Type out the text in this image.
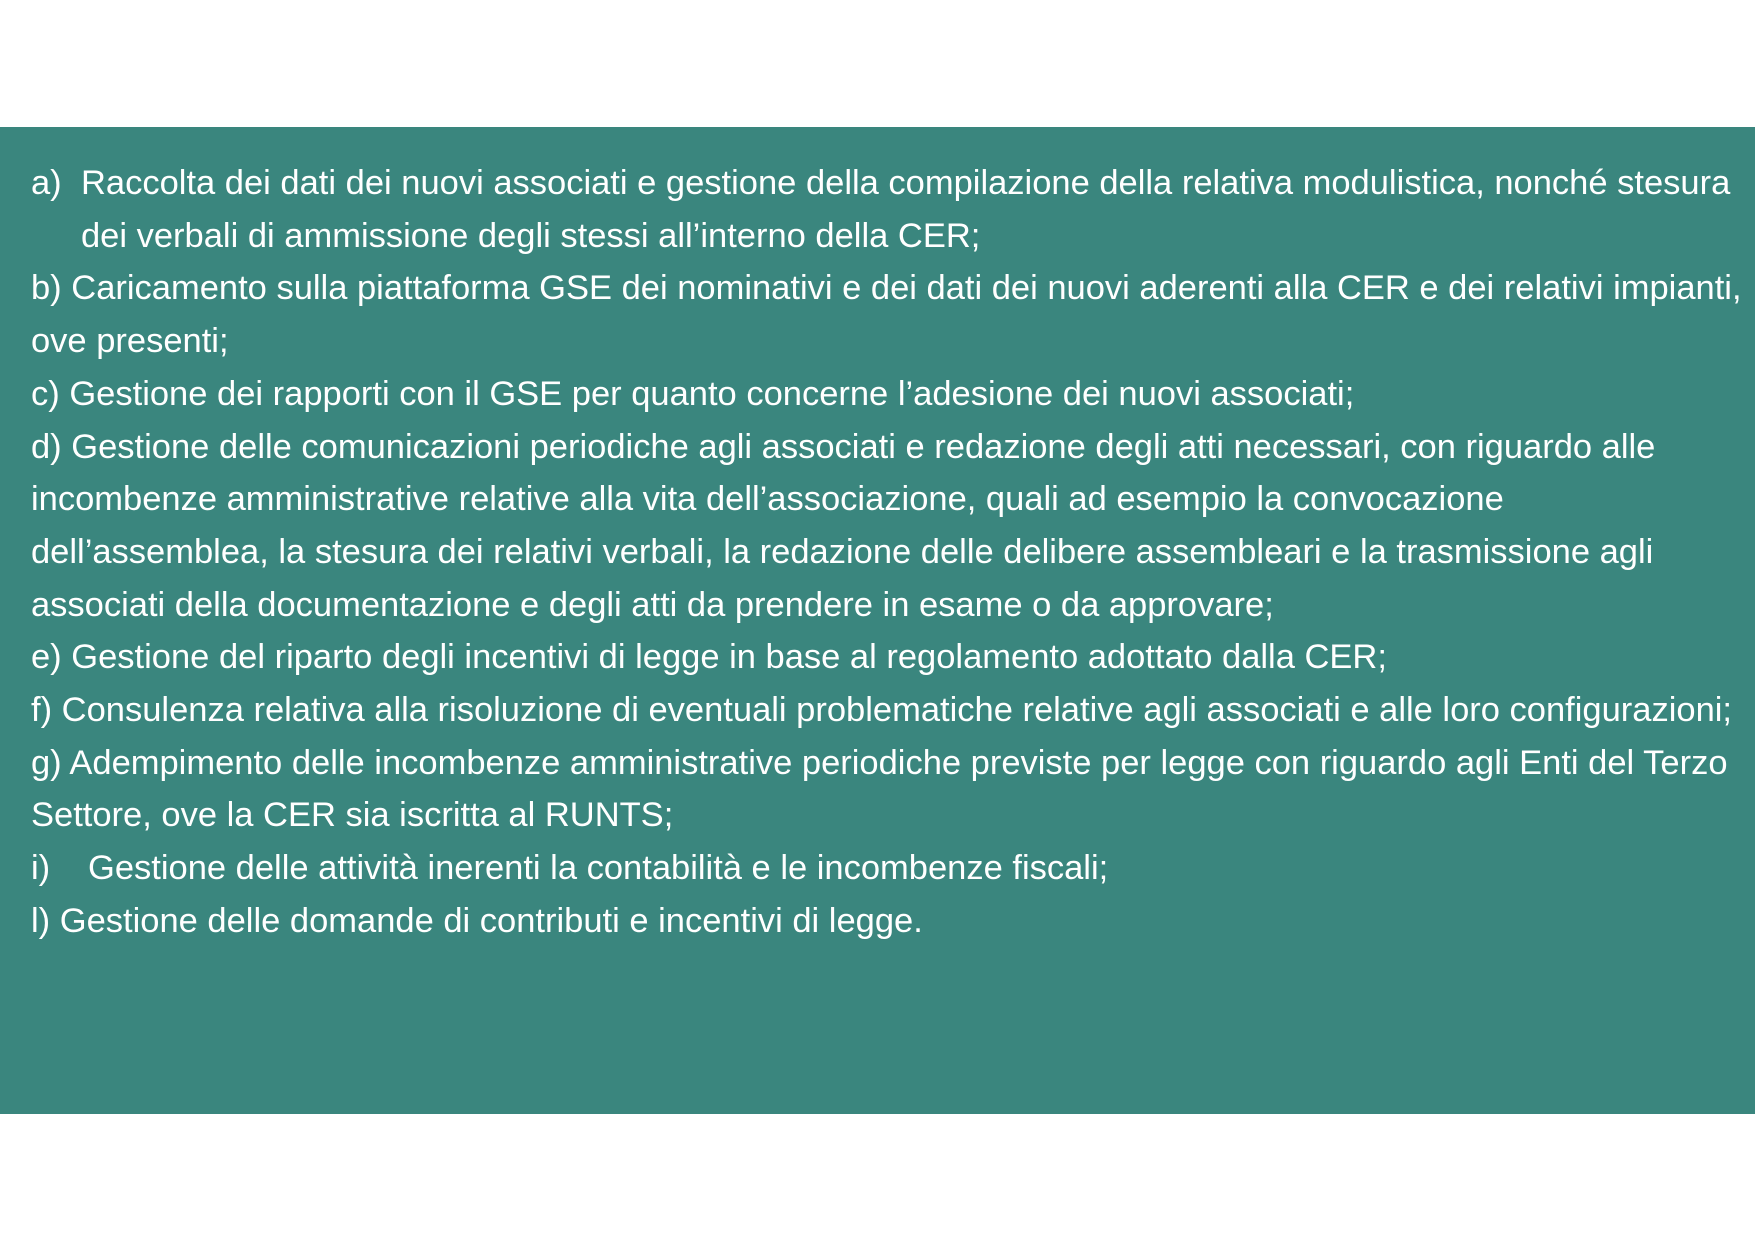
a) Raccolta dei dati dei nuovi associati e gestione della compilazione della relativa modulistica, nonché stesura dei verbali di ammissione degli stessi all’interno della CER;
b) Caricamento sulla piattaforma GSE dei nominativi e dei dati dei nuovi aderenti alla CER e dei relativi impianti, ove presenti;
c) Gestione dei rapporti con il GSE per quanto concerne l’adesione dei nuovi associati;
d) Gestione delle comunicazioni periodiche agli associati e redazione degli atti necessari, con riguardo alle incombenze amministrative relative alla vita dell’associazione, quali ad esempio la convocazione dell’assemblea, la stesura dei relativi verbali, la redazione delle delibere assembleari e la trasmissione agli associati della documentazione e degli atti da prendere in esame o da approvare;
e) Gestione del riparto degli incentivi di legge in base al regolamento adottato dalla CER;
f) Consulenza relativa alla risoluzione di eventuali problematiche relative agli associati e alle loro configurazioni;
g) Adempimento delle incombenze amministrative periodiche previste per legge con riguardo agli Enti del Terzo Settore, ove la CER sia iscritta al RUNTS;
i)	Gestione delle attività inerenti la contabilità e le incombenze fiscali;
l) Gestione delle domande di contributi e incentivi di legge.
